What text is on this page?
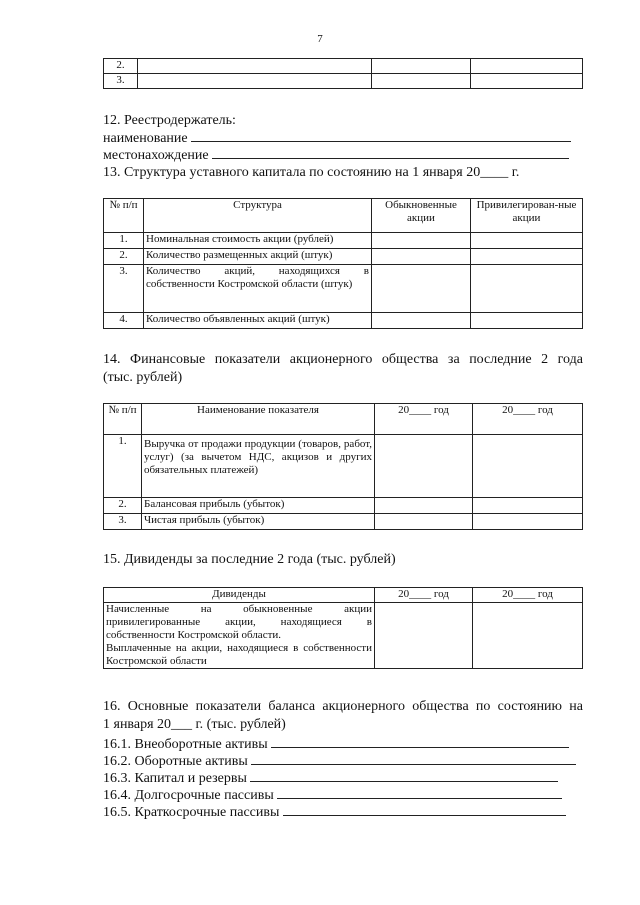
7
2.			
3.			
12. Реестродержатель:
наименование
местонахождение
13. Структура уставного капитала по состоянию на 1 января 20____ г.
№ п/п	Структура	Обыкновенные акции	Привилегирован-ные акции
1.	Номинальная стоимость акции (рублей)		
2.	Количество размещенных акций (штук)		
3.	Количество акций, находящихся в собственности Костромской области (штук)		
4.	Количество объявленных акций (штук)		
14. Финансовые показатели акционерного общества за последние 2 года
(тыс. рублей)
№ п/п	Наименование показателя	20____ год	20____ год
1.	Выручка от продажи продукции (товаров, работ, услуг) (за вычетом НДС, акцизов и других обязательных платежей)		
2.	Балансовая прибыль (убыток)		
3.	Чистая прибыль (убыток)		
15. Дивиденды за последние 2 года (тыс. рублей)
Дивиденды	20____ год	20____ год

Начисленные на обыкновенные акции привилегированные акции, находящиеся в собственности Костромской области.
Выплаченные на акции, находящиеся в собственности Костромской области		

16. Основные показатели баланса акционерного общества по состоянию на
1 января 20___ г. (тыс. рублей)
16.1. Внеоборотные активы
16.2. Оборотные активы
16.3. Капитал и резервы
16.4. Долгосрочные пассивы
16.5. Краткосрочные пассивы
